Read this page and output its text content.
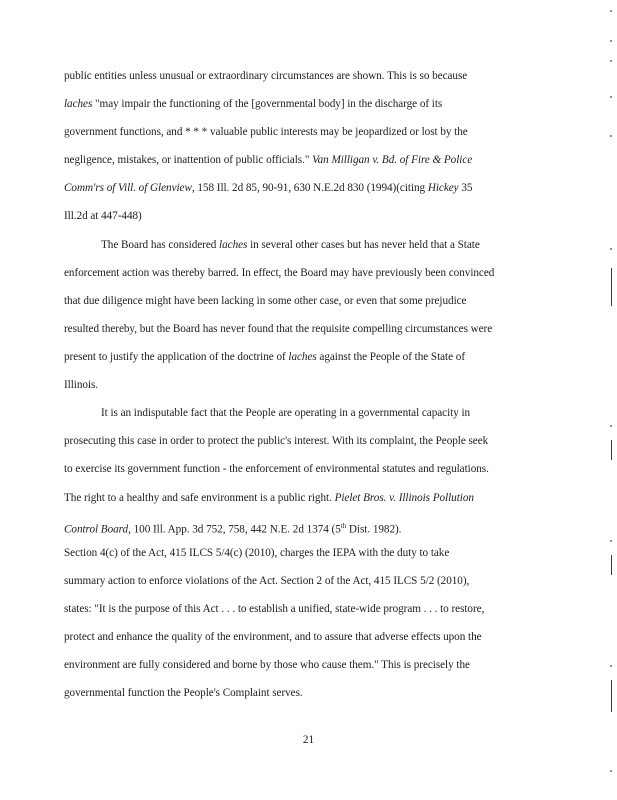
public entities unless unusual or extraordinary circumstances are shown. This is so because
laches "may impair the functioning of the [governmental body] in the discharge of its
government functions, and * * * valuable public interests may be jeopardized or lost by the
negligence, mistakes, or inattention of public officials." Van Milligan v. Bd. of Fire & Police
Comm'rs of Vill. of Glenview, 158 Ill. 2d 85, 90-91, 630 N.E.2d 830 (1994)(citing Hickey 35
Ill.2d at 447-448)
The Board has considered laches in several other cases but has never held that a State
enforcement action was thereby barred. In effect, the Board may have previously been convinced
that due diligence might have been lacking in some other case, or even that some prejudice
resulted thereby, but the Board has never found that the requisite compelling circumstances were
present to justify the application of the doctrine of laches against the People of the State of
Illinois.
It is an indisputable fact that the People are operating in a governmental capacity in
prosecuting this case in order to protect the public's interest. With its complaint, the People seek
to exercise its government function - the enforcement of environmental statutes and regulations.
The right to a healthy and safe environment is a public right. Pielet Bros. v. Illinois Pollution
Control Board, 100 Ill. App. 3d 752, 758, 442 N.E. 2d 1374 (5th Dist. 1982).
Section 4(c) of the Act, 415 ILCS 5/4(c) (2010), charges the IEPA with the duty to take
summary action to enforce violations of the Act. Section 2 of the Act, 415 ILCS 5/2 (2010),
states: "It is the purpose of this Act . . . to establish a unified, state-wide program . . . to restore,
protect and enhance the quality of the environment, and to assure that adverse effects upon the
environment are fully considered and borne by those who cause them." This is precisely the
governmental function the People's Complaint serves.
21
